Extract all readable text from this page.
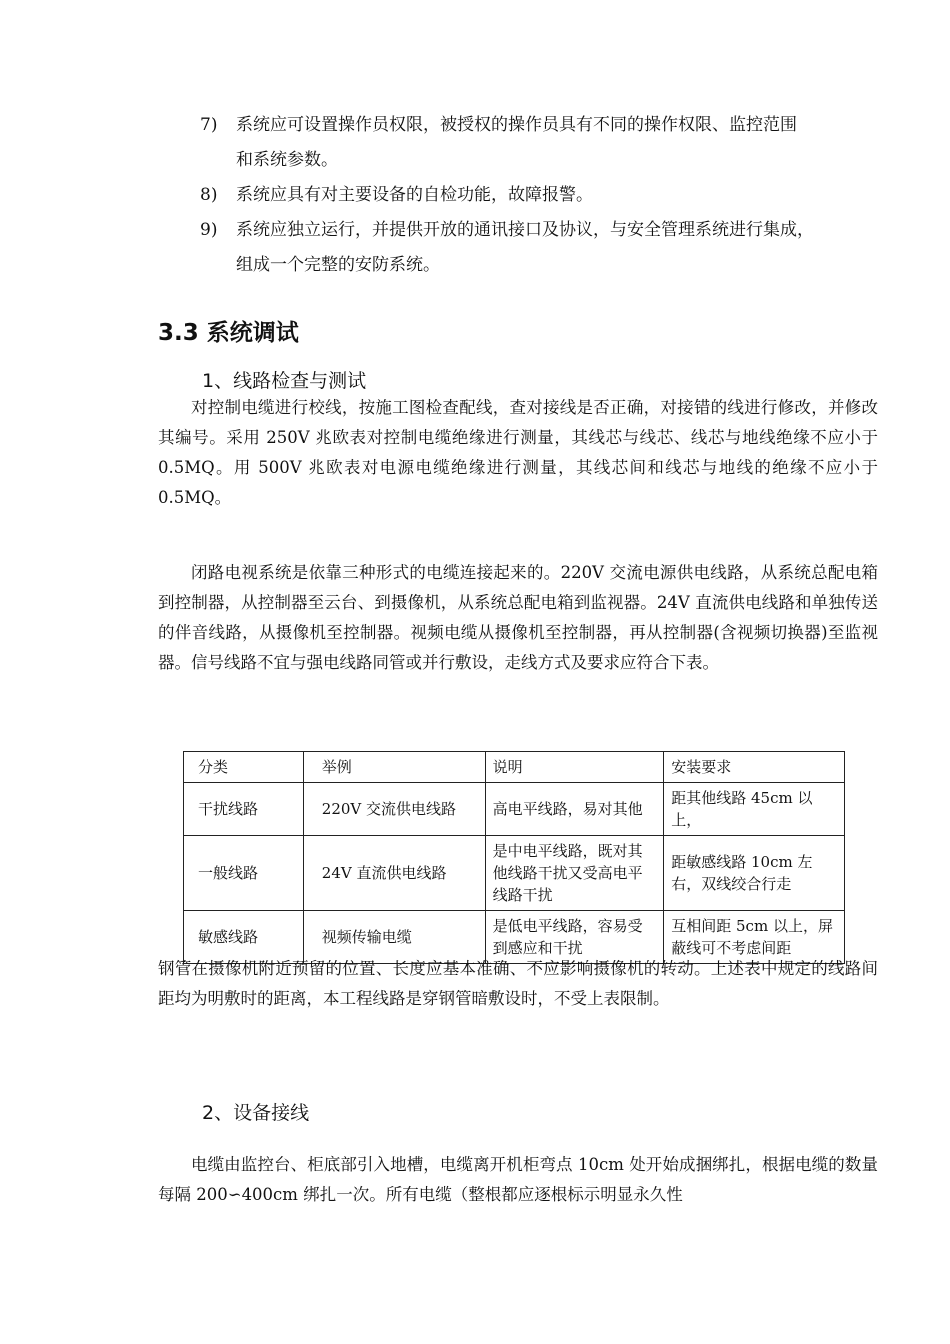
7) 系统应可设置操作员权限，被授权的操作员具有不同的操作权限、监控范围
和系统参数。
8) 系统应具有对主要设备的自检功能，故障报警。
9) 系统应独立运行，并提供开放的通讯接口及协议，与安全管理系统进行集成，
组成一个完整的安防系统。
3.3 系统调试
1、线路检查与测试

对控制电缆进行校线，按施工图检查配线，查对接线是否正确，对接错的线进行修改，并修改其编号。采用 250V 兆欧表对控制电缆绝缘进行测量，其线芯与线芯、线芯与地线绝缘不应小于 0.5MQ。用 500V 兆欧表对电源电缆绝缘进行测量，其线芯间和线芯与地线的绝缘不应小于 0.5MQ。

闭路电视系统是依靠三种形式的电缆连接起来的。220V 交流电源供电线路，从系统总配电箱到控制器，从控制器至云台、到摄像机，从系统总配电箱到监视器。24V 直流供电线路和单独传送的伴音线路，从摄像机至控制器。视频电缆从摄像机至控制器，再从控制器(含视频切换器)至监视器。信号线路不宜与强电线路同管或并行敷设，走线方式及要求应符合下表。

分类	举例	说明	安装要求
干扰线路	220V 交流供电线路	高电平线路，易对其他	距其他线路 45cm 以上，
一般线路	24V 直流供电线路	是中电平线路，既对其他线路干扰又受高电平线路干扰	距敏感线路 10cm 左右，双线绞合行走
敏感线路	视频传输电缆	是低电平线路，容易受到感应和干扰	互相间距 5cm 以上，屏蔽线可不考虑间距

钢管在摄像机附近预留的位置、长度应基本准确、不应影响摄像机的转动。上述表中规定的线路间距均为明敷时的距离，本工程线路是穿钢管暗敷设时，不受上表限制。

2、设备接线

电缆由监控台、柜底部引入地槽，电缆离开机柜弯点 10cm 处开始成捆绑扎，根据电缆的数量每隔 200∽400cm 绑扎一次。所有电缆（整根都应逐根标示明显永久性
